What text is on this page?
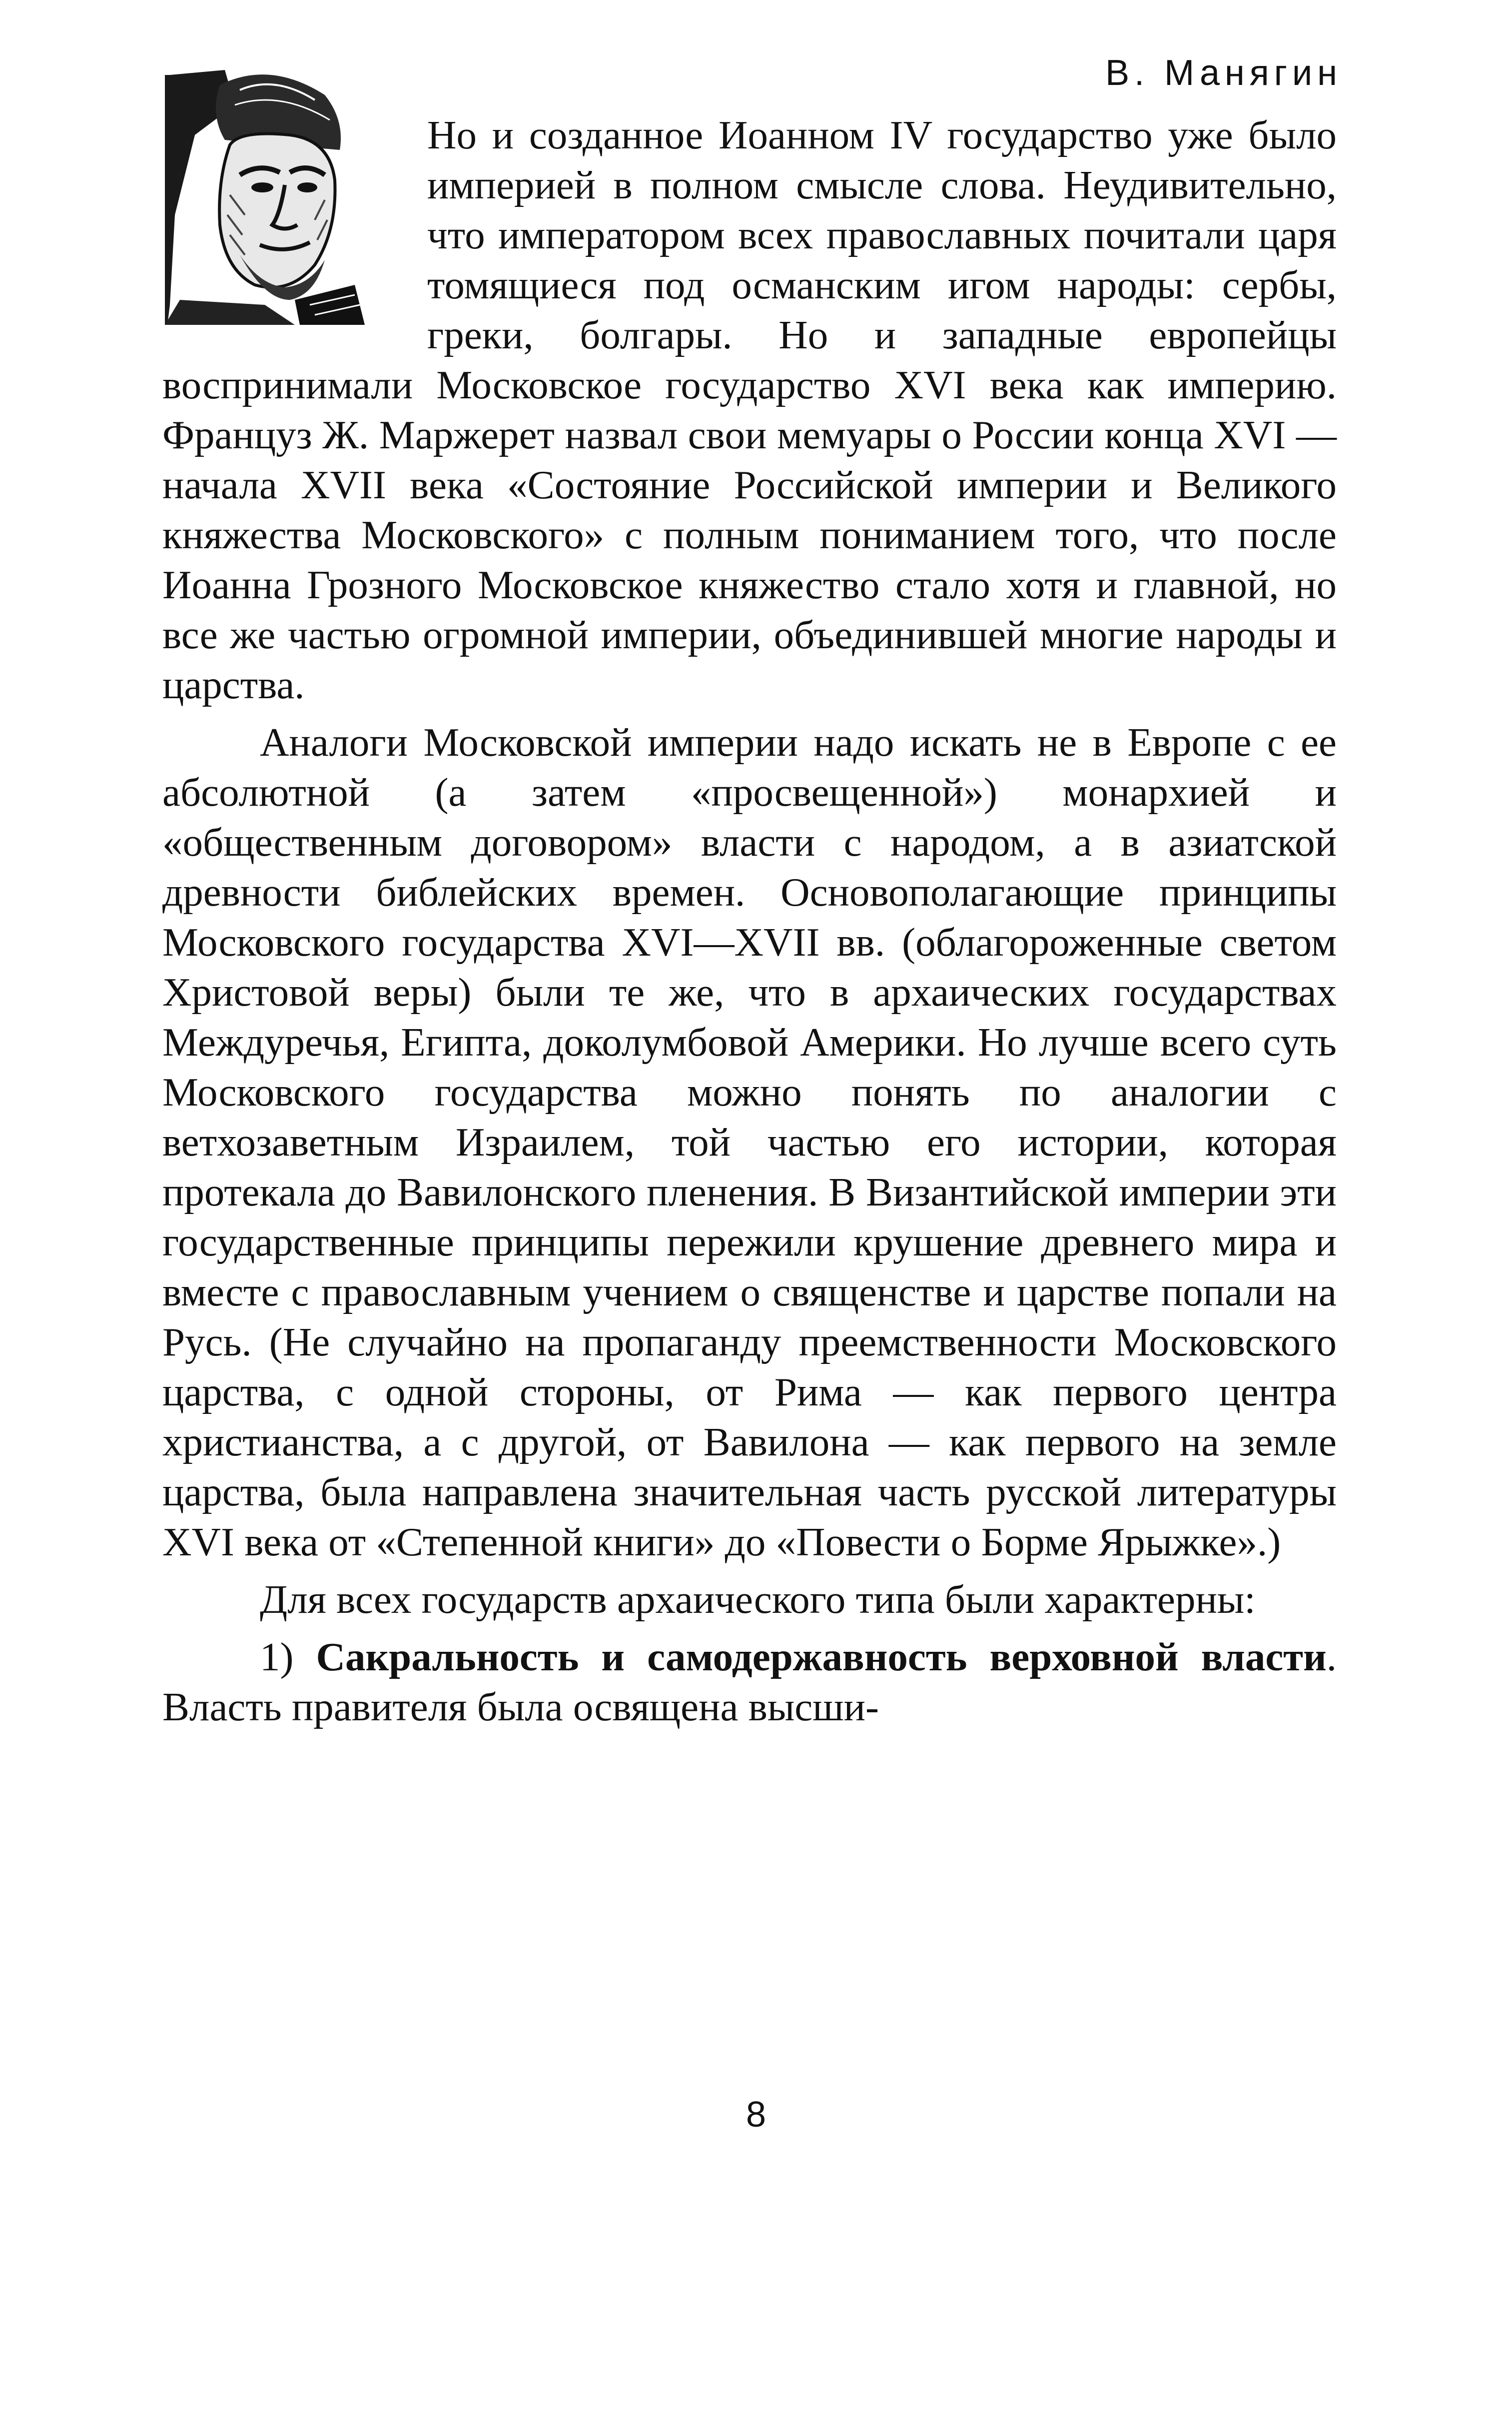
В. Манягин

Но и созданное Иоанном IV государство уже было империей в полном смысле слова. Неудивительно, что императором всех православных почитали царя томящиеся под османским игом народы: сербы, греки, болгары. Но и западные европейцы воспринимали Московское государство XVI века как империю. Француз Ж. Маржерет назвал свои мемуары о России конца XVI — начала XVII века «Состояние Российской империи и Великого княжества Московского» с полным пониманием того, что после Иоанна Грозного Московское княжество стало хотя и главной, но все же частью огромной империи, объединившей многие народы и царства.

Аналоги Московской империи надо искать не в Европе с ее абсолютной (а затем «просвещенной») монархией и «общественным договором» власти с народом, а в азиатской древности библейских времен. Основополагающие принципы Московского государства XVI—XVII вв. (облагороженные светом Христовой веры) были те же, что в архаических государствах Междуречья, Египта, доколумбовой Америки. Но лучше всего суть Московского государства можно понять по аналогии с ветхозаветным Израилем, той частью его истории, которая протекала до Вавилонского пленения. В Византийской империи эти государственные принципы пережили крушение древнего мира и вместе с православным учением о священстве и царстве попали на Русь. (Не случайно на пропаганду преемственности Московского царства, с одной стороны, от Рима — как первого центра христианства, а с другой, от Вавилона — как первого на земле царства, была направлена значительная часть русской литературы XVI века от «Степенной книги» до «Повести о Борме Ярыжке».)

Для всех государств архаического типа были характерны:

1) Сакральность и самодержавность верховной власти. Власть правителя была освящена высши-

8
